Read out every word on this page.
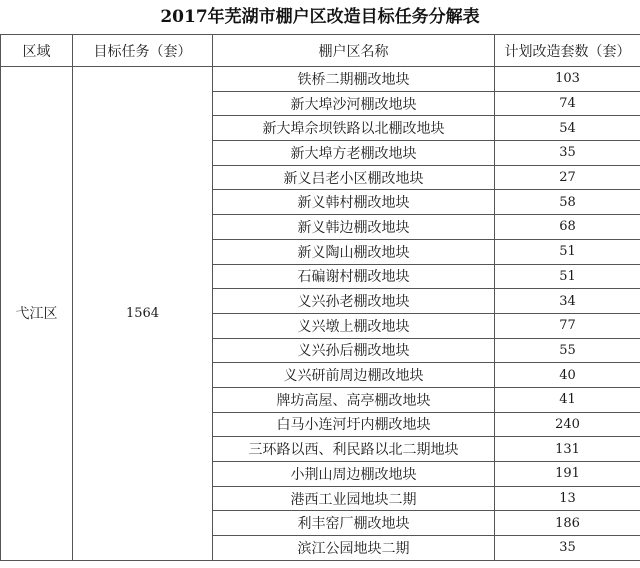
2017年芜湖市棚户区改造目标任务分解表
区域	目标任务（套）	棚户区名称	计划改造套数（套）
弋江区	1564	铁桥二期棚改地块	103
		新大埠沙河棚改地块	74
		新大埠佘坝铁路以北棚改地块	54
		新大埠方老棚改地块	35
		新义吕老小区棚改地块	27
		新义韩村棚改地块	58
		新义韩边棚改地块	68
		新义陶山棚改地块	51
		石碥谢村棚改地块	51
		义兴孙老棚改地块	34
		义兴墩上棚改地块	77
		义兴孙后棚改地块	55
		义兴研前周边棚改地块	40
		牌坊高屋、高亭棚改地块	41
		白马小连河圩内棚改地块	240
		三环路以西、利民路以北二期地块	131
		小荆山周边棚改地块	191
		港西工业园地块二期	13
		利丰窑厂棚改地块	186
		滨江公园地块二期	35
